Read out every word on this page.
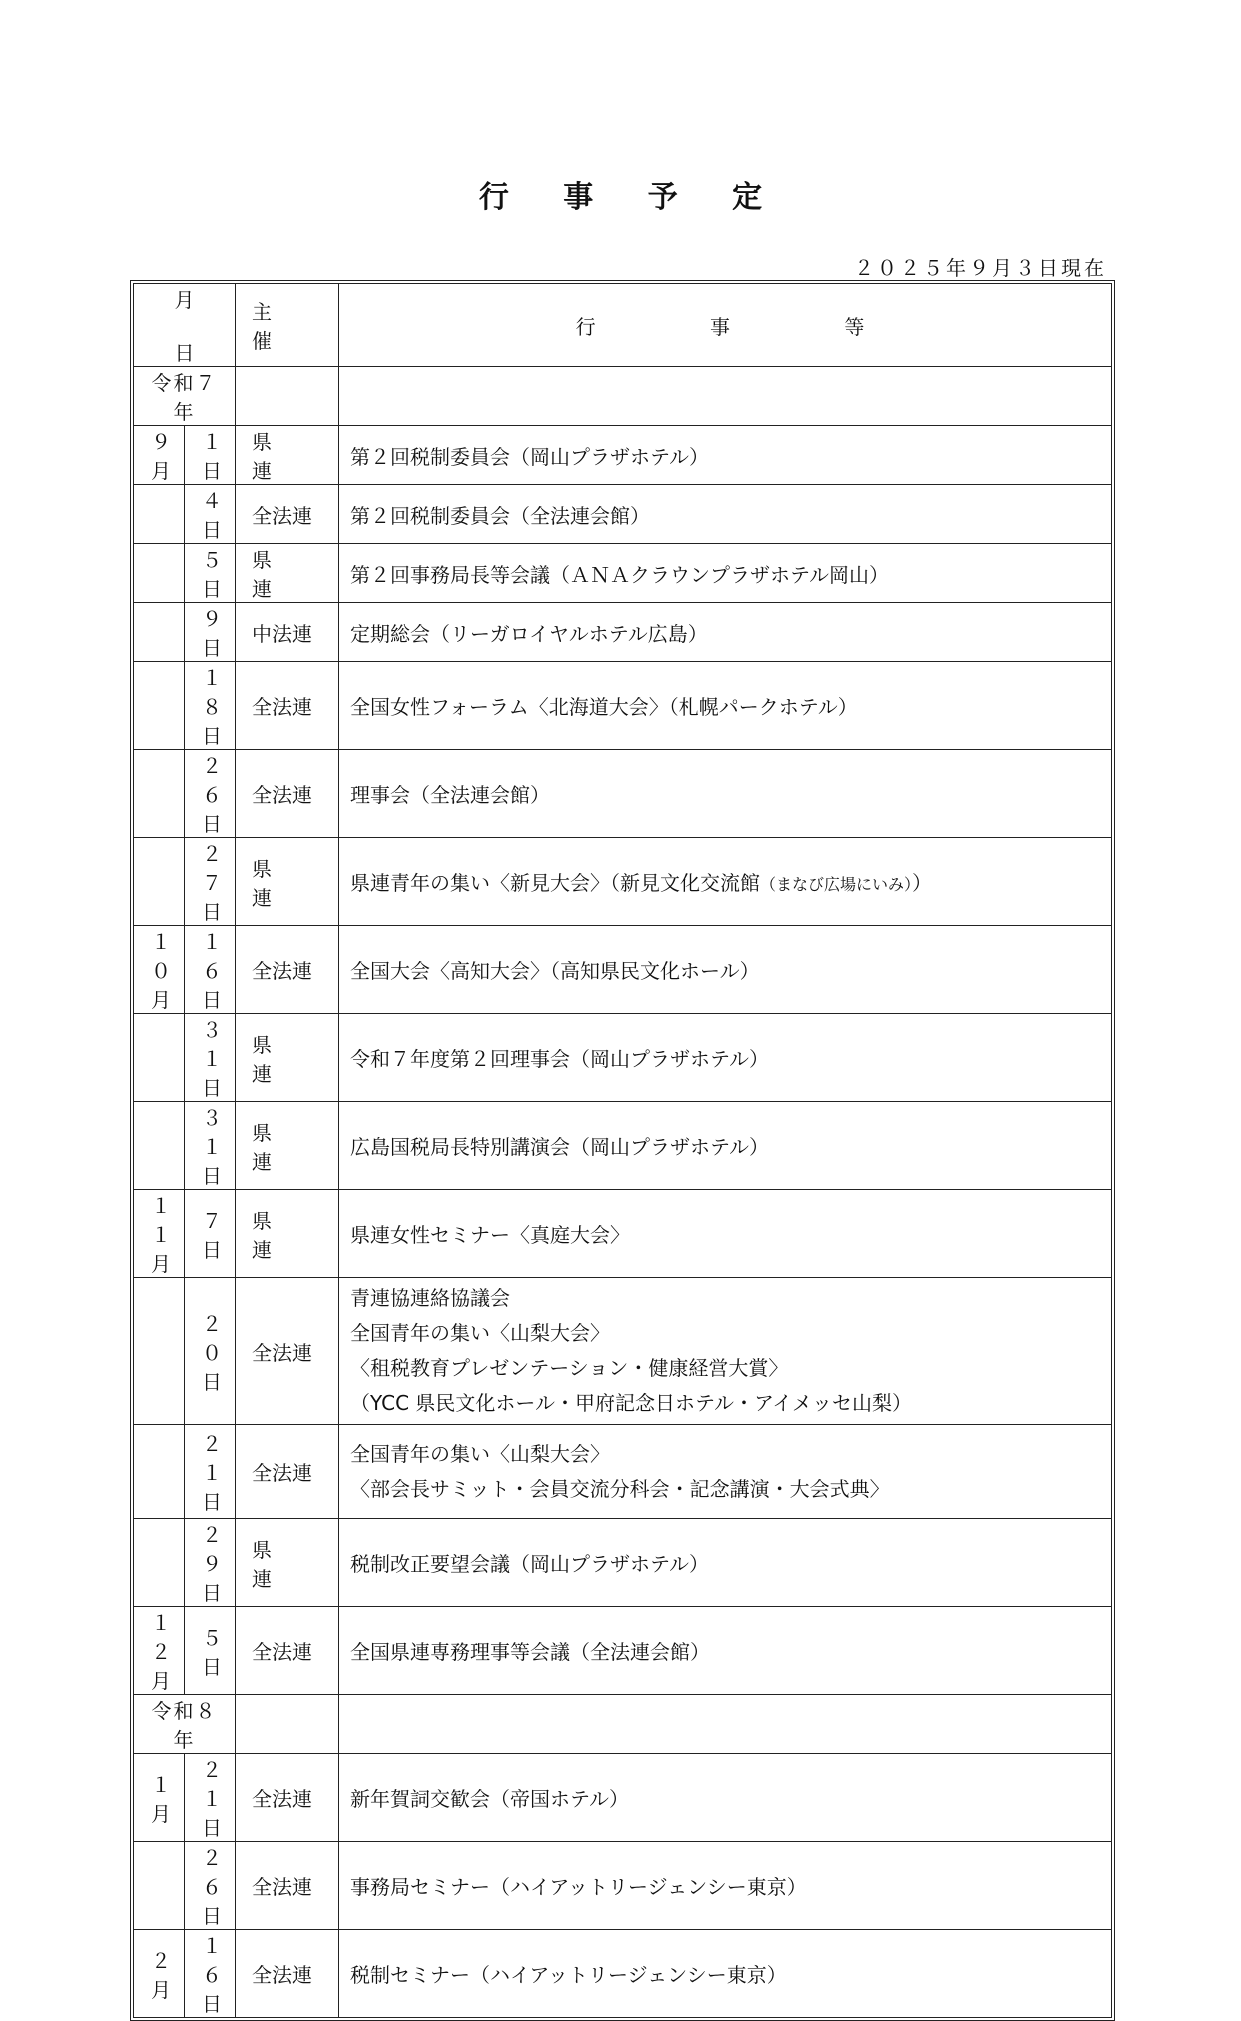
行 事 予 定
２０２５年９月３日現在
月日		主 催	行 事 等
令和７年			
９月	１日	県 連	第２回税制委員会（岡山プラザホテル）
	４日	全法連	第２回税制委員会（全法連会館）
	５日	県 連	第２回事務局長等会議（ＡＮＡクラウンプラザホテル岡山）
	９日	中法連	定期総会（リーガロイヤルホテル広島）
	１８日	全法連	全国女性フォーラム〈北海道大会〉（札幌パークホテル）
	２６日	全法連	理事会（全法連会館）
	２７日	県 連	県連青年の集い〈新見大会〉（新見文化交流館（まなび広場にいみ））
１０月	１６日	全法連	全国大会〈高知大会〉（高知県民文化ホール）
	３１日	県 連	令和７年度第２回理事会（岡山プラザホテル）
	３１日	県 連	広島国税局長特別講演会（岡山プラザホテル）
１１月	７日	県 連	県連女性セミナー〈真庭大会〉
	２０日	全法連	青連協連絡協議会
全国青年の集い〈山梨大会〉
〈租税教育プレゼンテーション・健康経営大賞〉
（YCC 県民文化ホール・甲府記念日ホテル・アイメッセ山梨）

	２１日	全法連	全国青年の集い〈山梨大会〉
〈部会長サミット・会員交流分科会・記念講演・大会式典〉

	２９日	県 連	税制改正要望会議（岡山プラザホテル）
１２月	５日	全法連	全国県連専務理事等会議（全法連会館）
令和８年			
１月	２１日	全法連	新年賀詞交歓会（帝国ホテル）
	２６日	全法連	事務局セミナー（ハイアットリージェンシー東京）
２月	１６日	全法連	税制セミナー（ハイアットリージェンシー東京）
